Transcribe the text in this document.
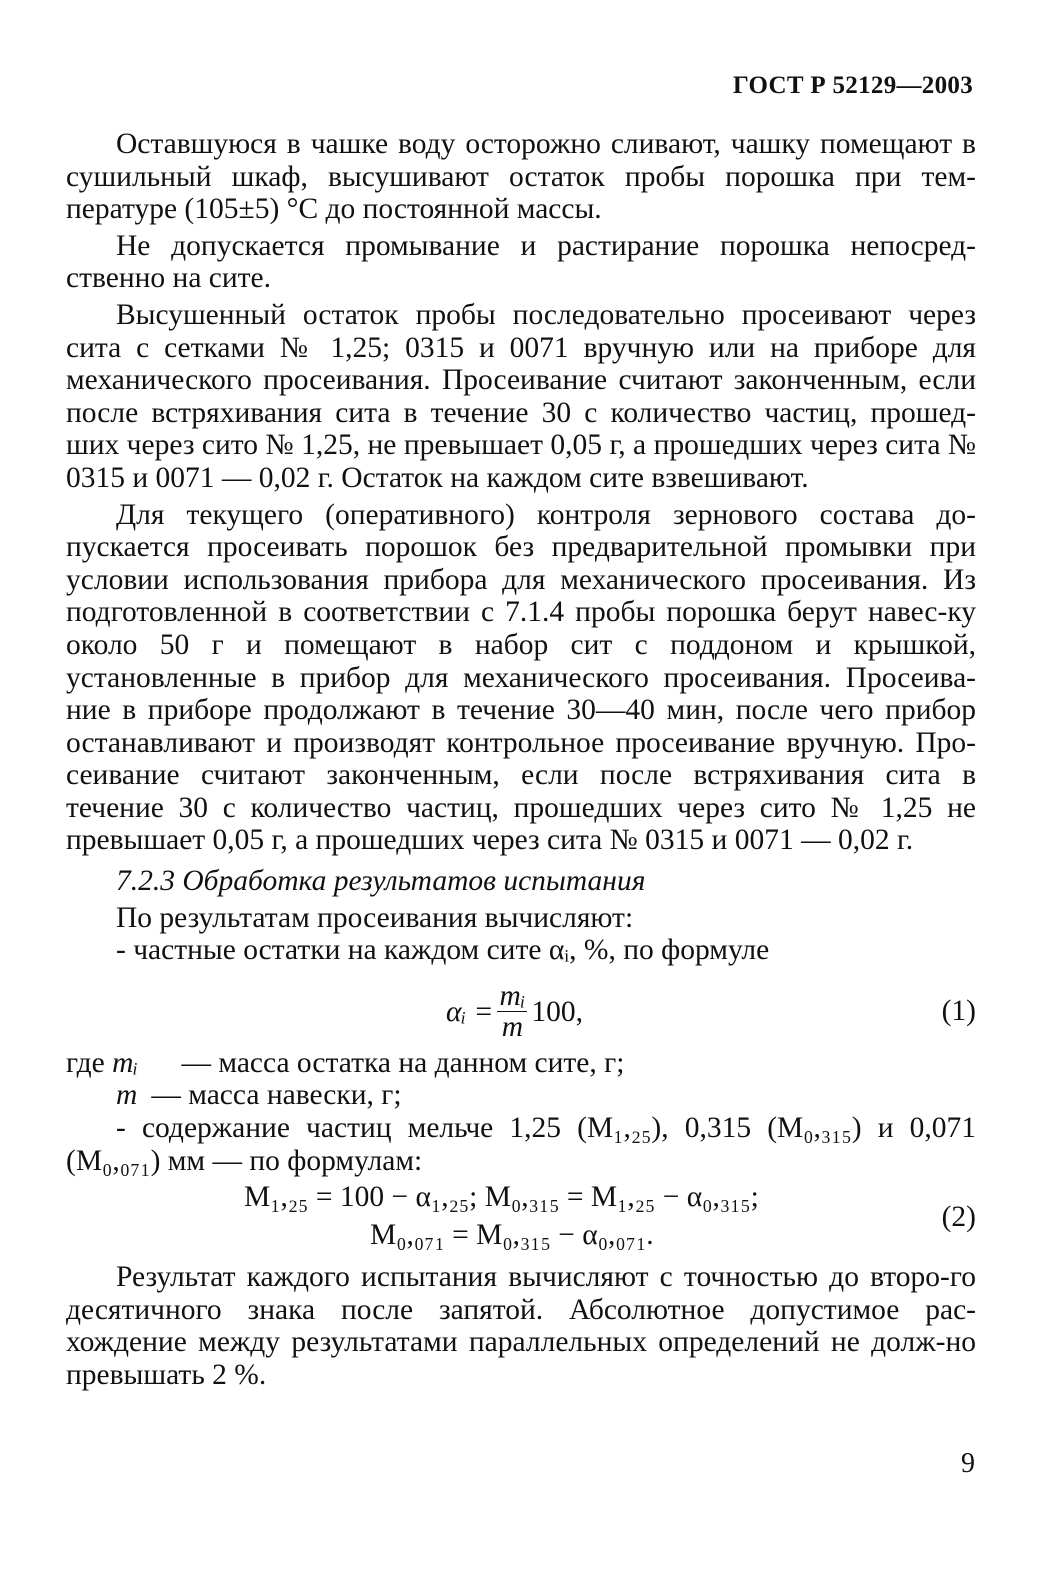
ГОСТ Р 52129—2003

Оставшуюся в чашке воду осторожно сливают, чашку помещают в сушильный шкаф, высушивают остаток пробы порошка при тем-пературе (105±5) °С до постоянной массы.

Не допускается промывание и растирание порошка непосред-ственно на сите.

Высушенный остаток пробы последовательно просеивают через сита с сетками № 1,25; 0315 и 0071 вручную или на приборе для механического просеивания. Просеивание считают законченным, если после встряхивания сита в течение 30 с количество частиц, прошед-ших через сито № 1,25, не превышает 0,05 г, а прошедших через сита № 0315 и 0071 — 0,02 г. Остаток на каждом сите взвешивают.

Для текущего (оперативного) контроля зернового состава до-пускается просеивать порошок без предварительной промывки при условии использования прибора для механического просеивания. Из подготовленной в соответствии с 7.1.4 пробы порошка берут навес-ку около 50 г и помещают в набор сит с поддоном и крышкой, установленные в прибор для механического просеивания. Просеива-ние в приборе продолжают в течение 30—40 мин, после чего прибор останавливают и производят контрольное просеивание вручную. Про-сеивание считают законченным, если после встряхивания сита в течение 30 с количество частиц, прошедших через сито № 1,25 не превышает 0,05 г, а прошедших через сита № 0315 и 0071 — 0,02 г.

7.2.3 Обработка результатов испытания

По результатам просеивания вычисляют:

- частные остатки на каждом сите αᵢ, %, по формуле

αᵢ = $\frac{\text{mᵢ}}{m} 100$,	(1)

где mᵢ — масса остатка на данном сите, г;

m — масса навески, г;

- содержание частиц мельче 1,25 (M₁,₂₅), 0,315 (M₀,₃₁₅) и 0,071 (M₀,₀₇₁) мм — по формулам:

M₁,₂₅ = 100 − α₁,₂₅; M₀,₃₁₅ = M₁,₂₅ − α₀,₃₁₅;
M₀,₀₇₁ = M₀,₃₁₅ − α₀,₀₇₁.
(2)

Результат каждого испытания вычисляют с точностью до второ-го десятичного знака после запятой. Абсолютное допустимое рас-хождение между результатами параллельных определений не долж-но превышать 2 %.

9
